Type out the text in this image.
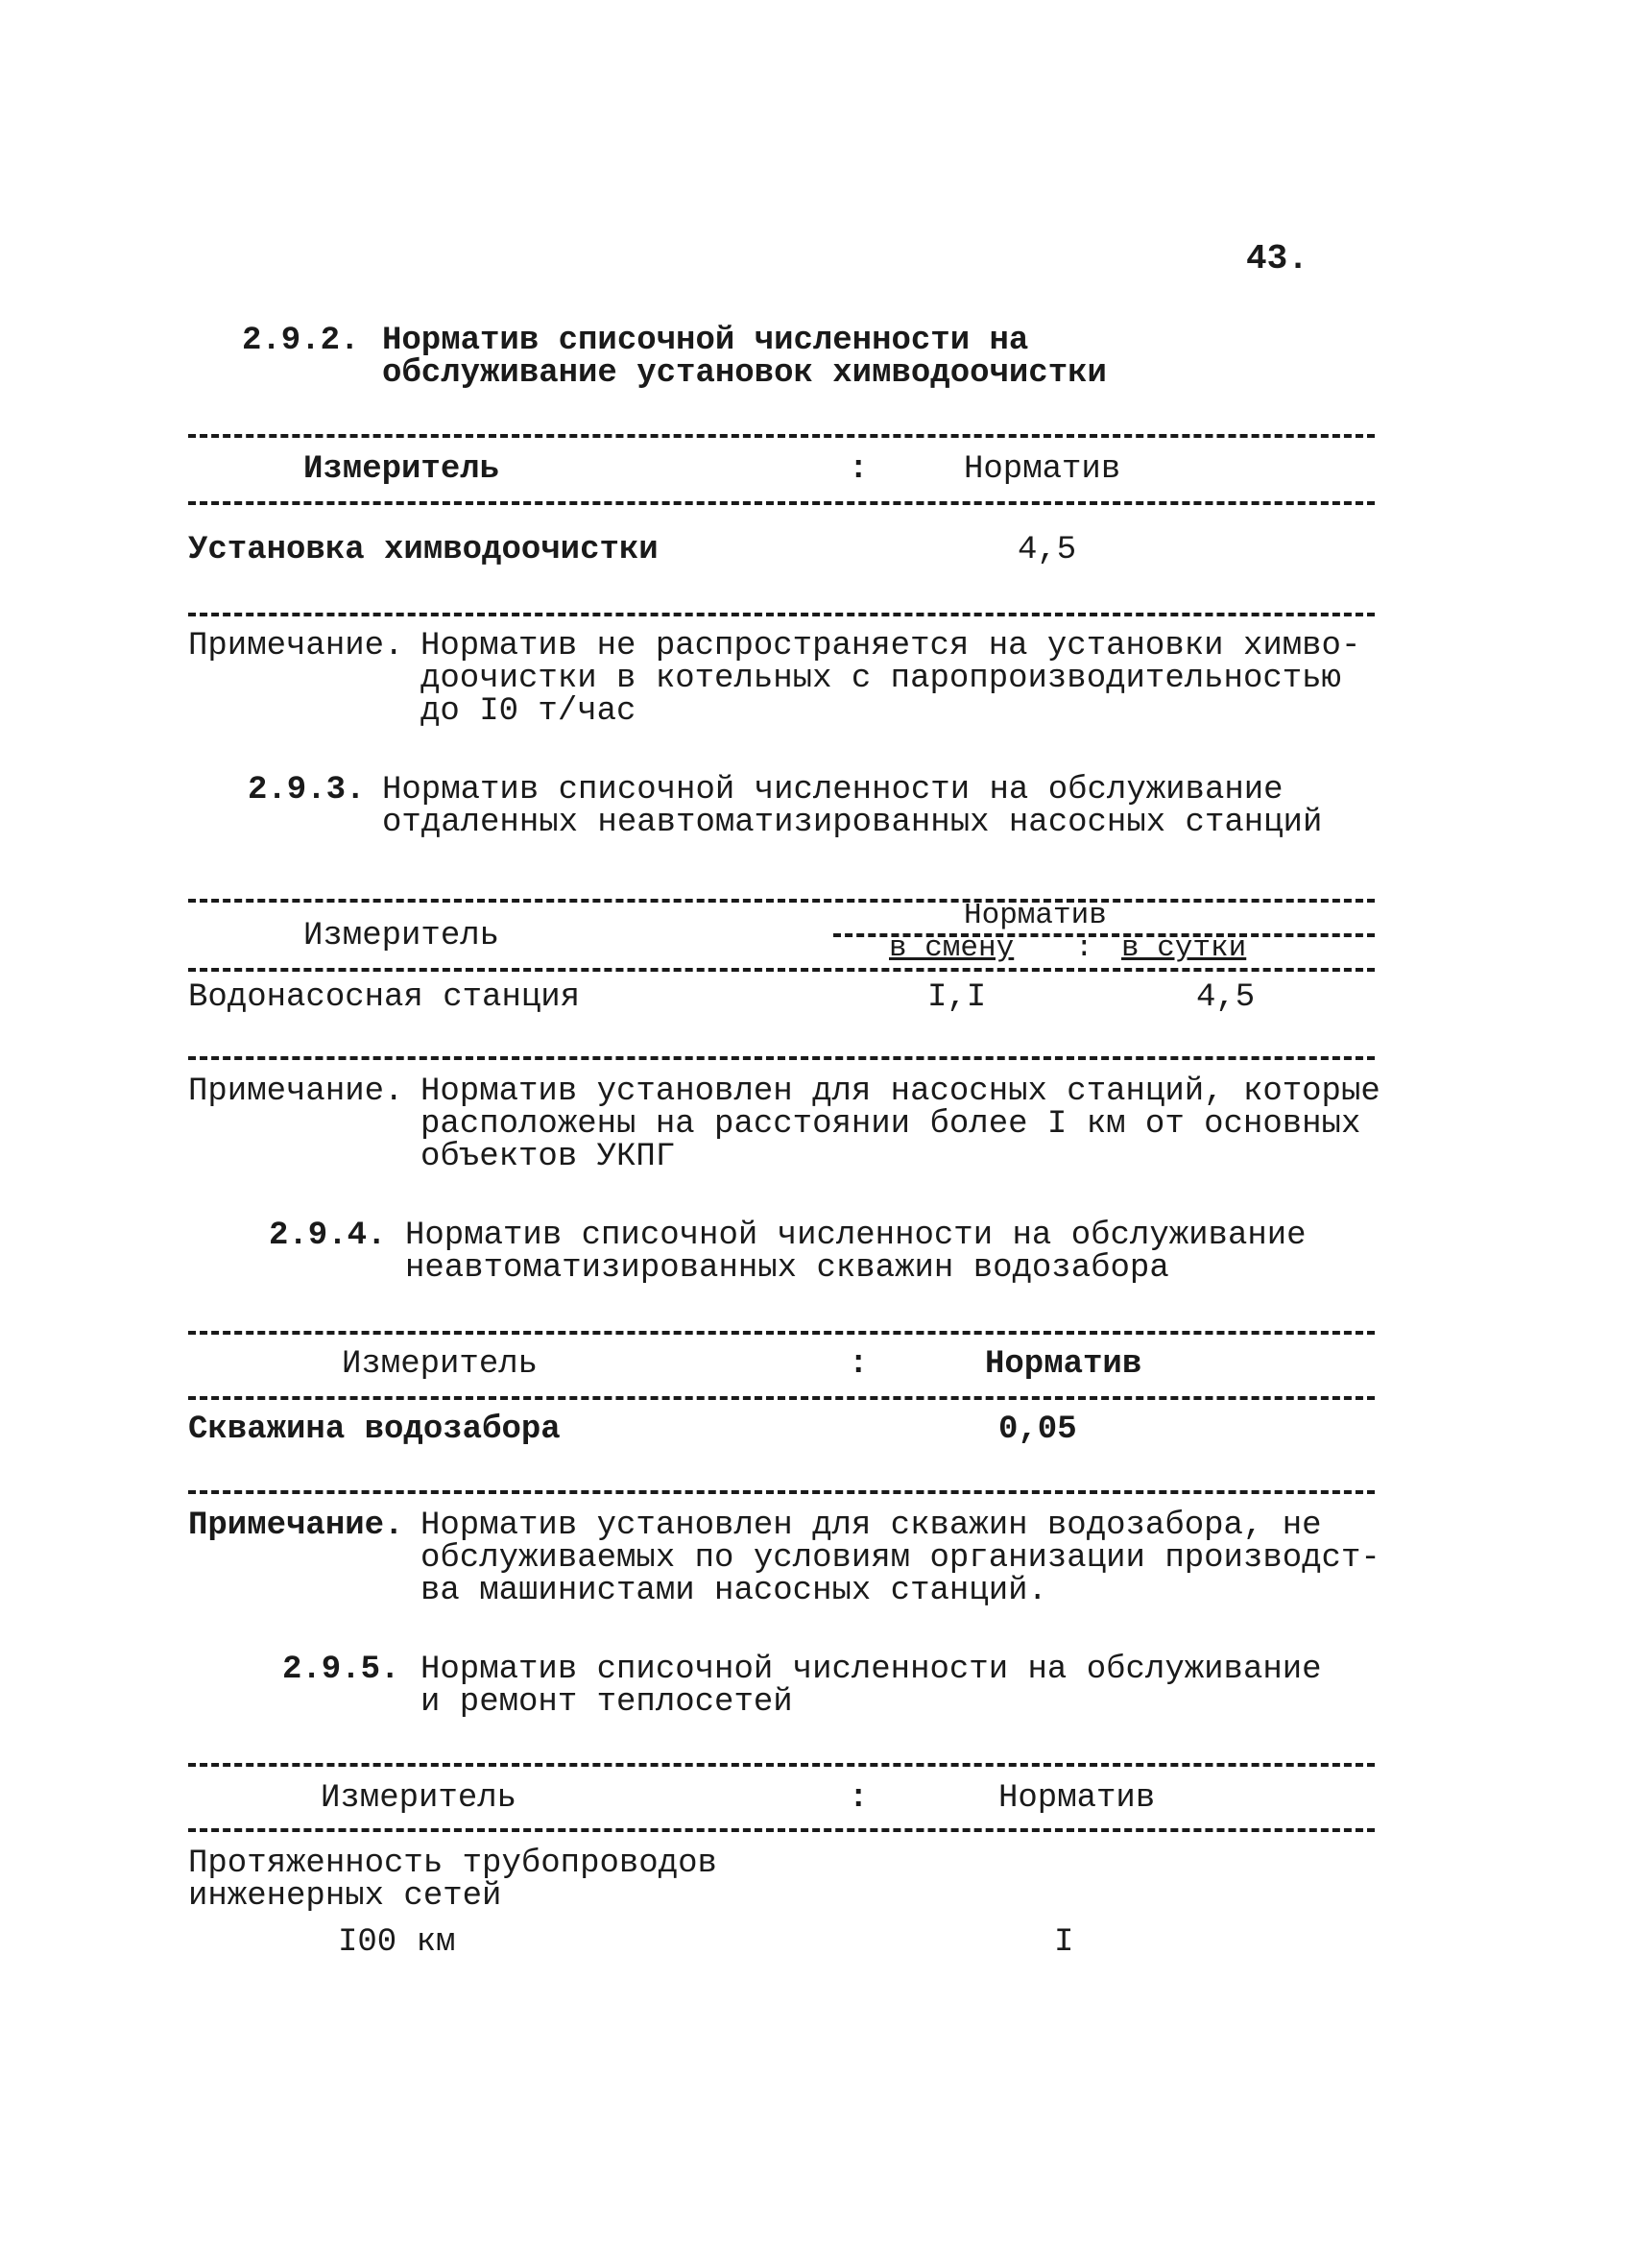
43.
2.9.2. Норматив списочной численности на
обслуживание установок химводоочистки
Измеритель	:	Норматив
Установка химводоочистки	4,5
Примечание. Норматив не распространяется на установки химво-
доочистки в котельных с паропроизводительностью
до I0 т/час
2.9.3. Норматив списочной численности на обслуживание
отдаленных неавтоматизированных насосных станций
Измеритель
Норматив
в смену : в сутки
Водонасосная станция	I,I	4,5
Примечание. Норматив установлен для насосных станций, которые
расположены на расстоянии более I км от основных
объектов УКПГ
2.9.4. Норматив списочной численности на обслуживание
неавтоматизированных скважин водозабора
Измеритель	:	Норматив
Скважина водозабора	0,05
Примечание. Норматив установлен для скважин водозабора, не
обслуживаемых по условиям организации производст-
ва машинистами насосных станций.
2.9.5. Норматив списочной численности на обслуживание
и ремонт теплосетей
Измеритель	:	Норматив
Протяженность трубопроводов
инженерных сетей
I00 км	I
